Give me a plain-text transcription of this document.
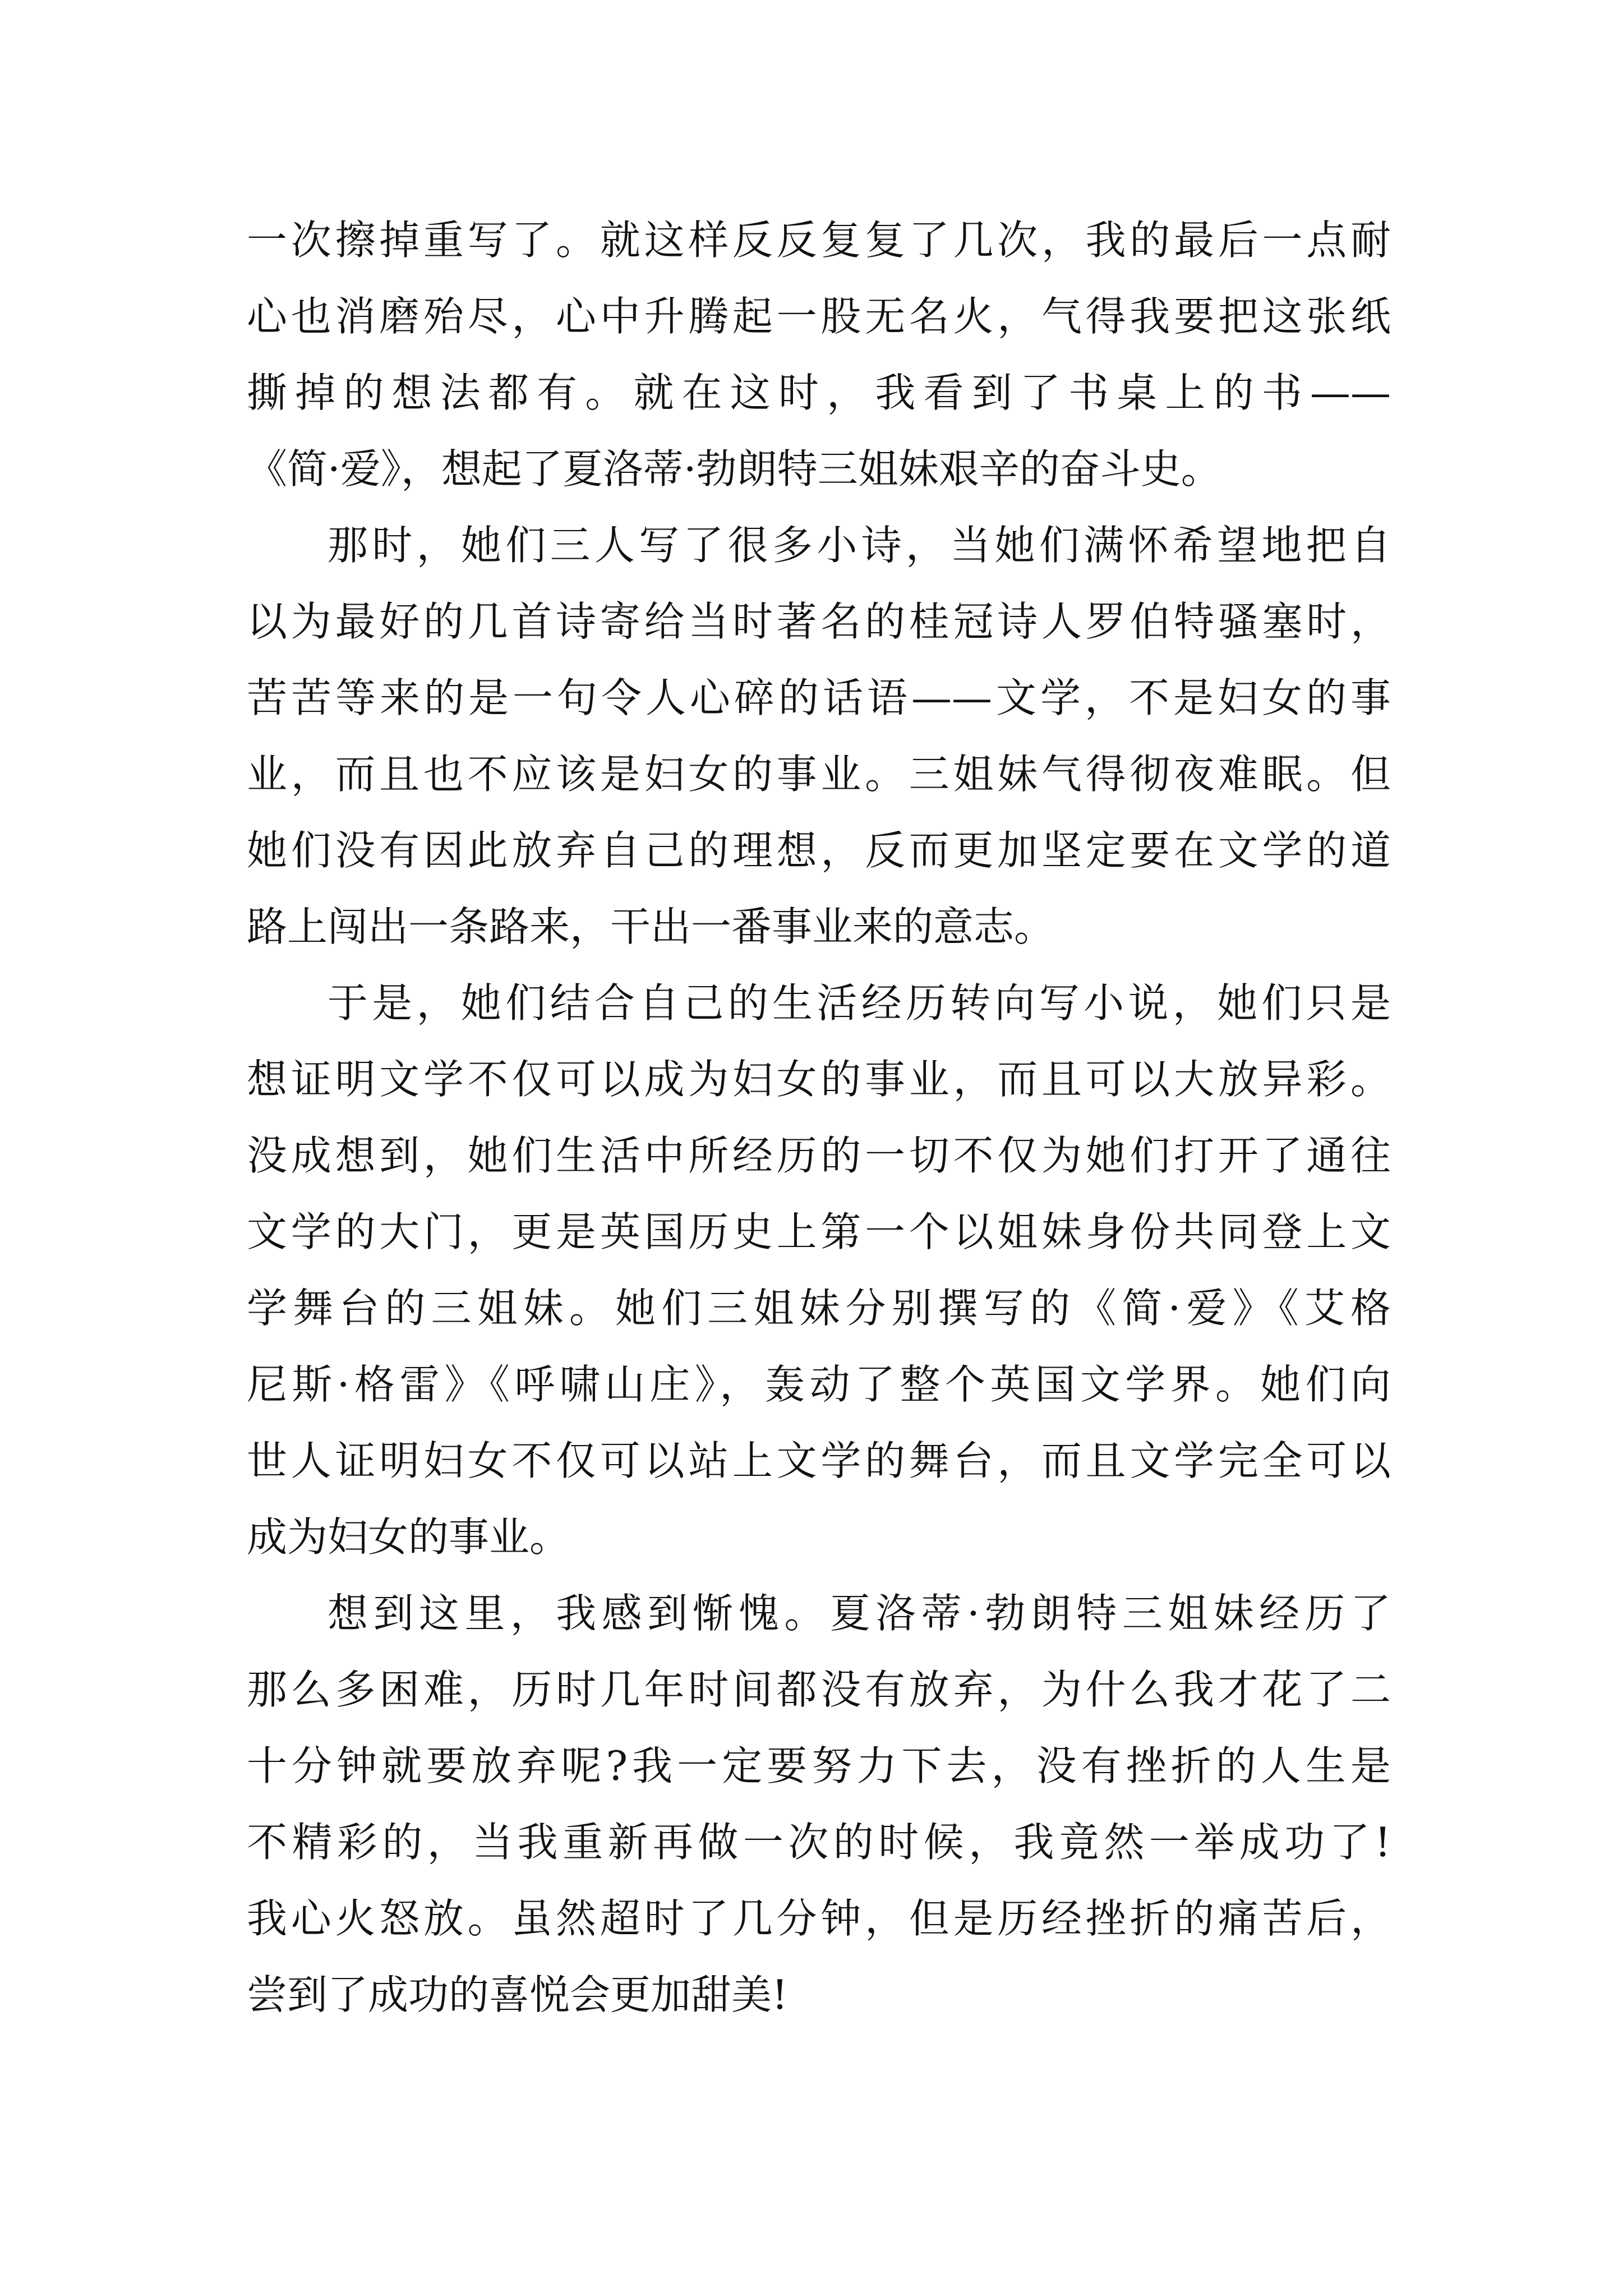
一次擦掉重写了。就这样反反复复了几次，我的最后一点耐
心也消磨殆尽，心中升腾起一股无名火，气得我要把这张纸
撕掉的想法都有。就在这时，我看到了书桌上的书——
《简·爱》，想起了夏洛蒂·勃朗特三姐妹艰辛的奋斗史。
那时，她们三人写了很多小诗，当她们满怀希望地把自
以为最好的几首诗寄给当时著名的桂冠诗人罗伯特骚塞时，
苦苦等来的是一句令人心碎的话语——文学，不是妇女的事
业，而且也不应该是妇女的事业。三姐妹气得彻夜难眠。但
她们没有因此放弃自己的理想，反而更加坚定要在文学的道
路上闯出一条路来，干出一番事业来的意志。
于是，她们结合自己的生活经历转向写小说，她们只是
想证明文学不仅可以成为妇女的事业，而且可以大放异彩。
没成想到，她们生活中所经历的一切不仅为她们打开了通往
文学的大门，更是英国历史上第一个以姐妹身份共同登上文
学舞台的三姐妹。她们三姐妹分别撰写的《简·爱》《艾格
尼斯·格雷》《呼啸山庄》，轰动了整个英国文学界。她们向
世人证明妇女不仅可以站上文学的舞台，而且文学完全可以
成为妇女的事业。
想到这里，我感到惭愧。夏洛蒂·勃朗特三姐妹经历了
那么多困难，历时几年时间都没有放弃，为什么我才花了二
十分钟就要放弃呢?我一定要努力下去，没有挫折的人生是
不精彩的，当我重新再做一次的时候，我竟然一举成功了!
我心火怒放。虽然超时了几分钟，但是历经挫折的痛苦后，
尝到了成功的喜悦会更加甜美!
